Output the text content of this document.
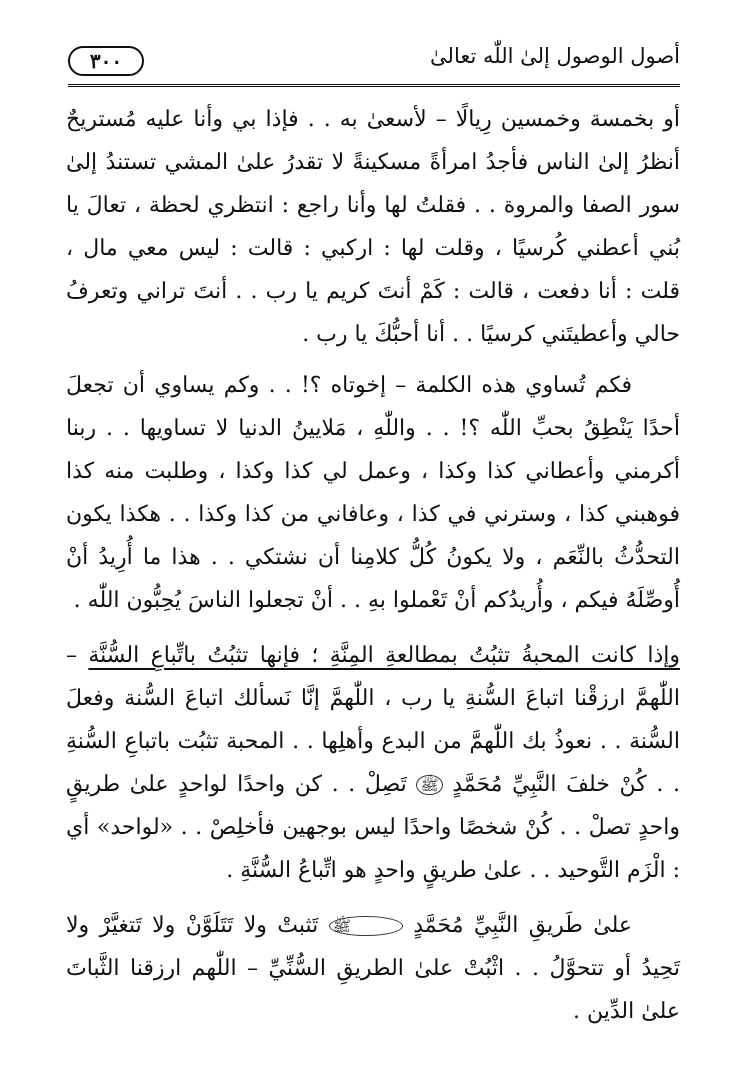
٣٠٠	أصول الوصول إلىٰ اللّٰه تعالىٰ

أو بخمسة وخمسين رِيالًا – لأسعىٰ به . . فإذا بي وأنا عليه مُستريحٌ أنظرُ إلىٰ الناس فأجدُ امرأةً مسكينةً لا تقدرُ علىٰ المشي تستندُ إلىٰ سور الصفا والمروة . . فقلتُ لها وأنا راجع : انتظري لحظة ، تعالَ يا بُني أعطني كُرسيًا ، وقلت لها : اركبي : قالت : ليس معي مال ، قلت : أنا دفعت ، قالت : كَمْ أنتَ كريم يا رب . . أنتَ تراني وتعرفُ حالي وأعطيتَني كرسيًا . . أنا أحبُّكَ يا رب .

فكم تُساوي هذه الكلمة – إخوتاه ؟! . . وكم يساوي أن تجعلَ أحدًا يَنْطِقُ بحبِّ اللّٰه ؟! . . واللّٰهِ ، مَلايينُ الدنيا لا تساويها . . ربنا أكرمني وأعطاني كذا وكذا ، وعمل لي كذا وكذا ، وطلبت منه كذا فوهبني كذا ، وسترني في كذا ، وعافاني من كذا وكذا . . هكذا يكون التحدُّثُ بالنِّعَم ، ولا يكونُ كُلُّ كلامِنا أن نشتكي . . هذا ما أُرِيدُ أنْ أُوصِّلَهُ فيكم ، وأُريدُكم أنْ تَعْملوا بهِ . . أنْ تجعلوا الناسَ يُحِبُّون اللّٰه .

وإذا كانت المحبةُ تثبُتُ بمطالعةِ المِنَّةِ ؛ فإنها تثبُتُ باتِّباعِ السُّنَّة – اللّٰهمَّ ارزقْنا اتباعَ السُّنةِ يا رب ، اللّٰهمَّ إنَّا نَسألك اتباعَ السُّنة وفعلَ السُّنة . . نعوذُ بك اللّٰهمَّ من البدع وأهلِها . . المحبة تثبُت باتباعِ السُّنةِ . . كُنْ خلفَ النَّبِيِّ مُحَمَّدٍ ﷺ تَصِلْ . . كن واحدًا لواحدٍ علىٰ طريقٍ واحدٍ تصلْ . . كُنْ شخصًا واحدًا ليس بوجهين فأخلِصْ . . «لواحد» أي : الْزَم التَّوحيد . . علىٰ طريقٍ واحدٍ هو اتِّباعُ السُّنَّةِ .

علىٰ طَريقِ النَّبِيِّ مُحَمَّدٍ ﷺ تَثبتْ ولا تَتَلَوَّنْ ولا تَتغيَّرْ ولا تَحِيدُ أو تتحوَّلُ . . اثْبُتْ علىٰ الطريقِ السُّنِّيِّ – اللّٰهم ارزقنا الثَّباتَ علىٰ الدِّين .
